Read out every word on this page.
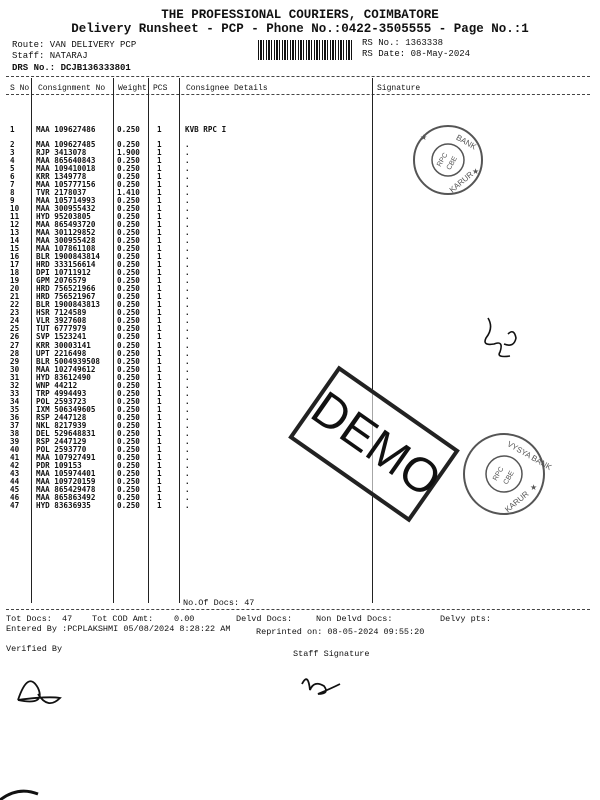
THE PROFESSIONAL COURIERS, COIMBATORE
Delivery Runsheet - PCP - Phone No.:0422-3505555 - Page No.:1
Route: VAN DELIVERY PCP
Staff: NATARAJ
DRS No.: DCJB136333801
RS No.: 1363338
RS Date: 08-May-2024
S No Consignment No Weight PCS Consignee Details	Signature
1	MAA 109627486	0.250 1	KVB RPC I
2	MAA 109627485	0.250 1	.
3	RJP 3413078	1.900 1	.
4	MAA 865640843	0.250 1	.
5	MAA 109410018	0.250 1	.
6	KRR 1349778	0.250 1	.
7	MAA 105777156	0.250 1	.
8	TVR 2178037	1.410 1	.
9	MAA 105714993	0.250 1	.
10 MAA 300955432	0.250 1	.
11 HYD 95203805	0.250 1	.
12 MAA 865493720	0.250 1	.
13 MAA 301129852	0.250 1	.
14 MAA 300955428	0.250 1	.
15 MAA 107861108	0.250 1	.
16 BLR 1900843814 0.250 1	.
17 HRD 333156614	0.250 1	.
18 DPI 10711912	0.250 1	.
19 GPM 2076579	0.250 1	.
20 HRD 756521966	0.250 1	.
21 HRD 756521967	0.250 1	.
22 BLR 1900843813 0.250 1	.
23 HSR 7124589	0.250 1	.
24 VLR 3927608	0.250 1	.
25 TUT 6777979	0.250 1	.
26 SVP 1523241	0.250 1	.
27 KRR 30003141	0.250 1	.
28 UPT 2216498	0.250 1	.
29 BLR 5004939508 0.250 1	.
30 MAA 102749612	0.250 1	.
31 HYD 83612490	0.250 1	.
32 WNP 44212	0.250 1	.
33 TRP 4994493	0.250 1	.
34 POL 2593723	0.250 1	.
35 IXM 506349605	0.250 1	.
36 RSP 2447128	0.250 1	.
37 NKL 8217939	0.250 1	.
38 DEL 529648831	0.250 1	.
39 RSP 2447129	0.250 1	.
40 POL 2593770	0.250 1	.
41 MAA 107927491	0.250 1	.
42 PDR 109153	0.250 1	.
43 MAA 105974401	0.250 1	.
44 MAA 109720159	0.250 1	.
45 MAA 865429478	0.250 1	.
46 MAA 865863492	0.250 1	.
47 HYD 83636935	0.250 1	.
No.Of Docs: 47
Tot Docs: 47 Tot COD Amt: 0.00	Delvd Docs:	Non Delvd Docs:	Delvy pts:
Entered By :PCPLAKSHMI 05/08/2024 8:28:22 AM	Reprinted on: 08-05-2024 09:55:20
Verified By	Staff Signature
BANK
RPC
CBE
KARUR
★
★
VYSYA BANK
RPC
CBE
KARUR
★
DEMO
